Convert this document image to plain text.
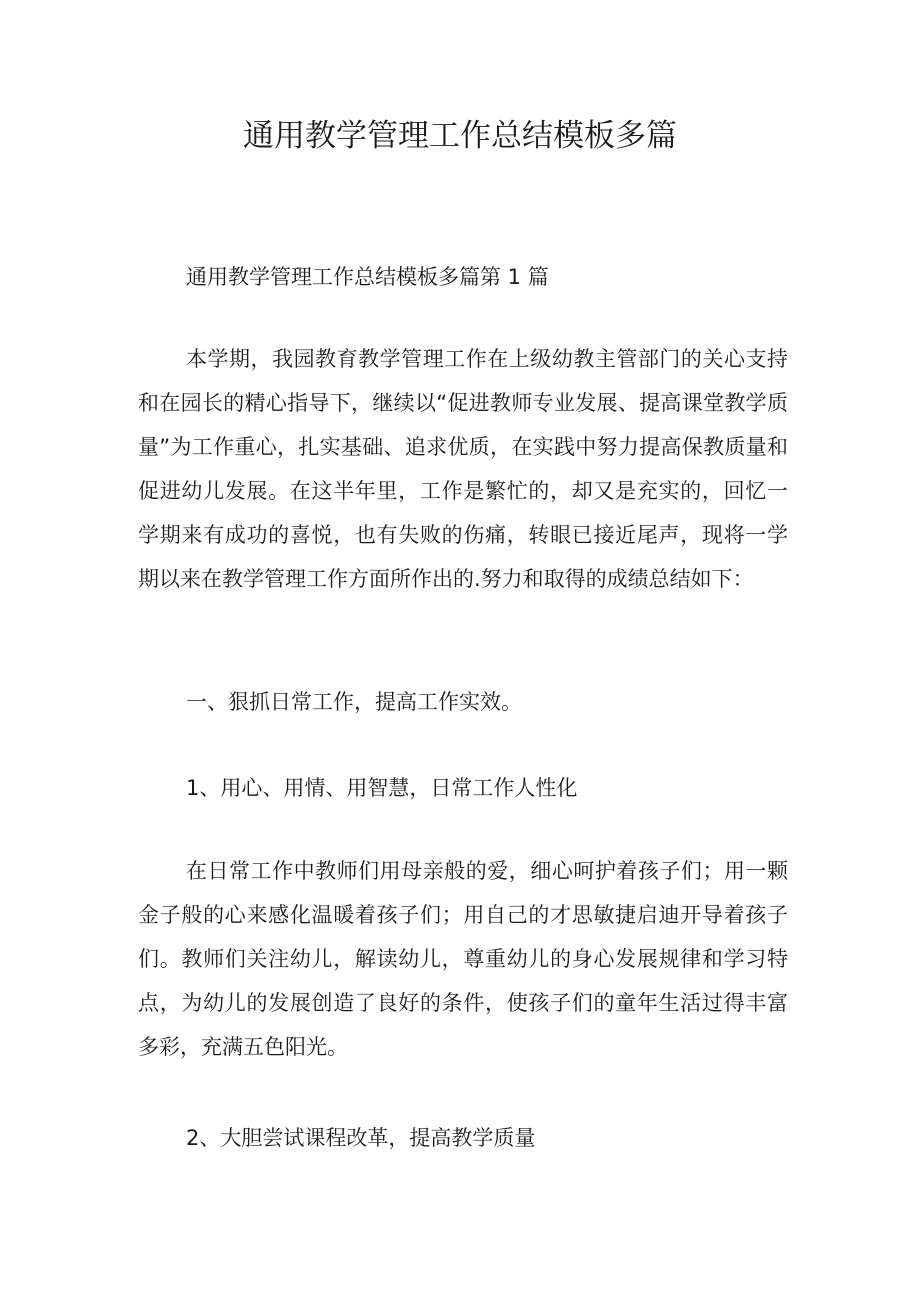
通用教学管理工作总结模板多篇

通用教学管理工作总结模板多篇第 1 篇

本学期，我园教育教学管理工作在上级幼教主管部门的关心支持和在园长的精心指导下，继续以“促进教师专业发展、提高课堂教学质量”为工作重心，扎实基础、追求优质，在实践中努力提高保教质量和促进幼儿发展。在这半年里，工作是繁忙的，却又是充实的，回忆一学期来有成功的喜悦，也有失败的伤痛，转眼已接近尾声，现将一学期以来在教学管理工作方面所作出的.努力和取得的成绩总结如下：

一、狠抓日常工作，提高工作实效。

1、用心、用情、用智慧，日常工作人性化

在日常工作中教师们用母亲般的爱，细心呵护着孩子们；用一颗金子般的心来感化温暖着孩子们；用自己的才思敏捷启迪开导着孩子们。教师们关注幼儿，解读幼儿，尊重幼儿的身心发展规律和学习特点，为幼儿的发展创造了良好的条件，使孩子们的童年生活过得丰富多彩，充满五色阳光。

2、大胆尝试课程改革，提高教学质量
